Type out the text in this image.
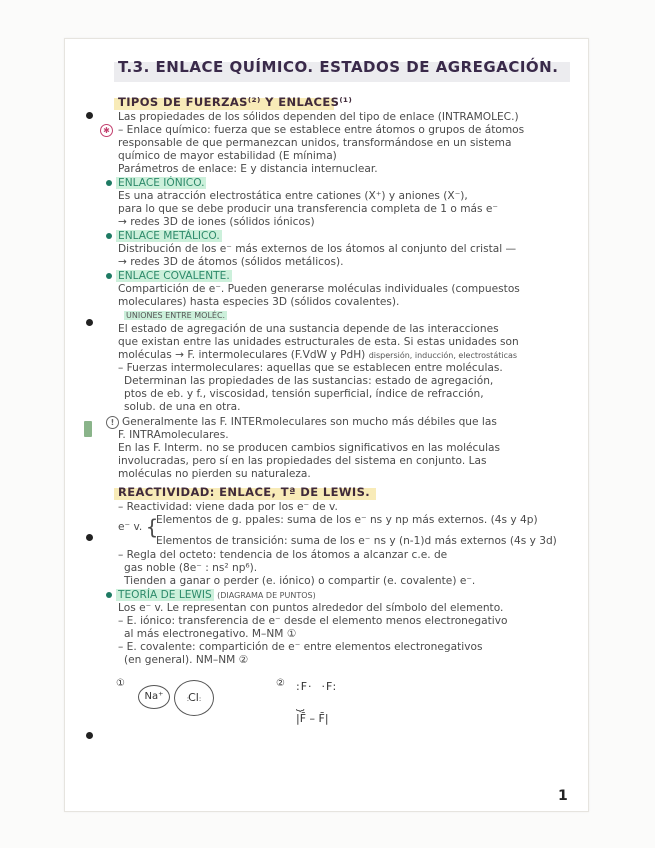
T.3. ENLACE QUÍMICO. ESTADOS DE AGREGACIÓN.
TIPOS DE FUERZAS⁽²⁾ Y ENLACES⁽¹⁾
Las propiedades de los sólidos dependen del tipo de enlace (INTRAMOLEC.)
✱ – Enlace químico: fuerza que se establece entre átomos o grupos de átomos
responsable de que permanezcan unidos, transformándose en un sistema
químico de mayor estabilidad (E mínima)
Parámetros de enlace: E y distancia internuclear.
ENLACE IÓNICO.
Es una atracción electrostática entre cationes (X⁺) y aniones (X⁻),
para lo que se debe producir una transferencia completa de 1 o más e⁻
→ redes 3D de iones (sólidos iónicos)
ENLACE METÁLICO.
Distribución de los e⁻ más externos de los átomos al conjunto del cristal —
→ redes 3D de átomos (sólidos metálicos).
ENLACE COVALENTE.
Compartición de e⁻. Pueden generarse moléculas individuales (compuestos
moleculares) hasta especies 3D (sólidos covalentes).
UNIONES ENTRE MOLÉC.
El estado de agregación de una sustancia depende de las interacciones
que existan entre las unidades estructurales de esta. Si estas unidades son
moléculas → F. intermoleculares (F.VdW y PdH) dispersión, inducción, electrostáticas
– Fuerzas intermoleculares: aquellas que se establecen entre moléculas.
Determinan las propiedades de las sustancias: estado de agregación,
ptos de eb. y f., viscosidad, tensión superficial, índice de refracción,
solub. de una en otra.
! Generalmente las F. INTERmoleculares son mucho más débiles que las
F. INTRAmoleculares.
En las F. Interm. no se producen cambios significativos en las moléculas
involucradas, pero sí en las propiedades del sistema en conjunto. Las
moléculas no pierden su naturaleza.
REACTIVIDAD: ENLACE, Tª DE LEWIS.
– Reactividad: viene dada por los e⁻ de v.
e⁻ v. {
Elementos de g. ppales: suma de los e⁻ ns y np más externos. (4s y 4p)
Elementos de transición: suma de los e⁻ ns y (n-1)d más externos (4s y 3d)
– Regla del octeto: tendencia de los átomos a alcanzar c.e. de
gas noble (8e⁻ : ns² np⁶).
Tienden a ganar o perder (e. iónico) o compartir (e. covalente) e⁻.
TEORÍA DE LEWIS (DIAGRAMA DE PUNTOS)
Los e⁻ v. Le representan con puntos alrededor del símbolo del elemento.
– E. iónico: transferencia de e⁻ desde el elemento menos electronegativo
al más electronegativo. M–NM ①
– E. covalente: compartición de e⁻ entre elementos electronegativos
(en general). NM–NM ②
①
Na⁺	:Cl:
② :F·  ·F:
⏟
|F̄ – F̄|
1
